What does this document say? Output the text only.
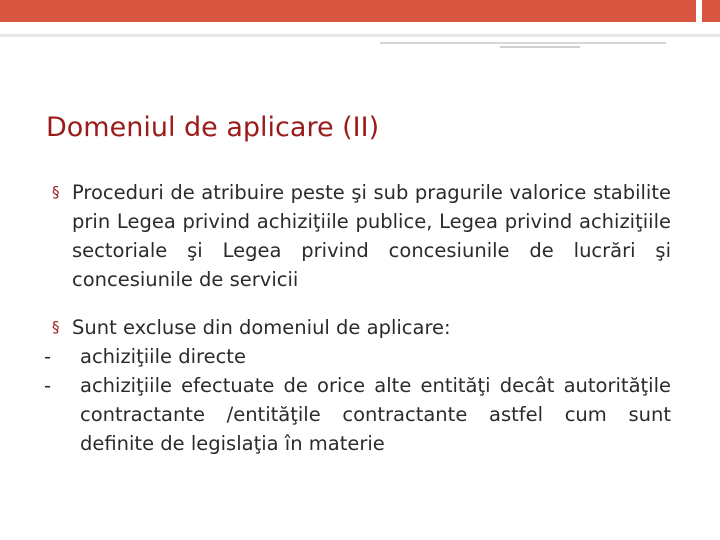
Domeniul de aplicare (II)
§ Proceduri de atribuire peste şi sub pragurile valorice stabilite prin Legea privind achiziţiile publice, Legea privind achiziţiile sectoriale şi Legea privind concesiunile de lucrări şi concesiunile de servicii
§ Sunt excluse din domeniul de aplicare:
- achiziţiile directe
- achiziţiile efectuate de orice alte entităţi decât autorităţile contractante /entităţile contractante astfel cum sunt definite de legislaţia în materie
